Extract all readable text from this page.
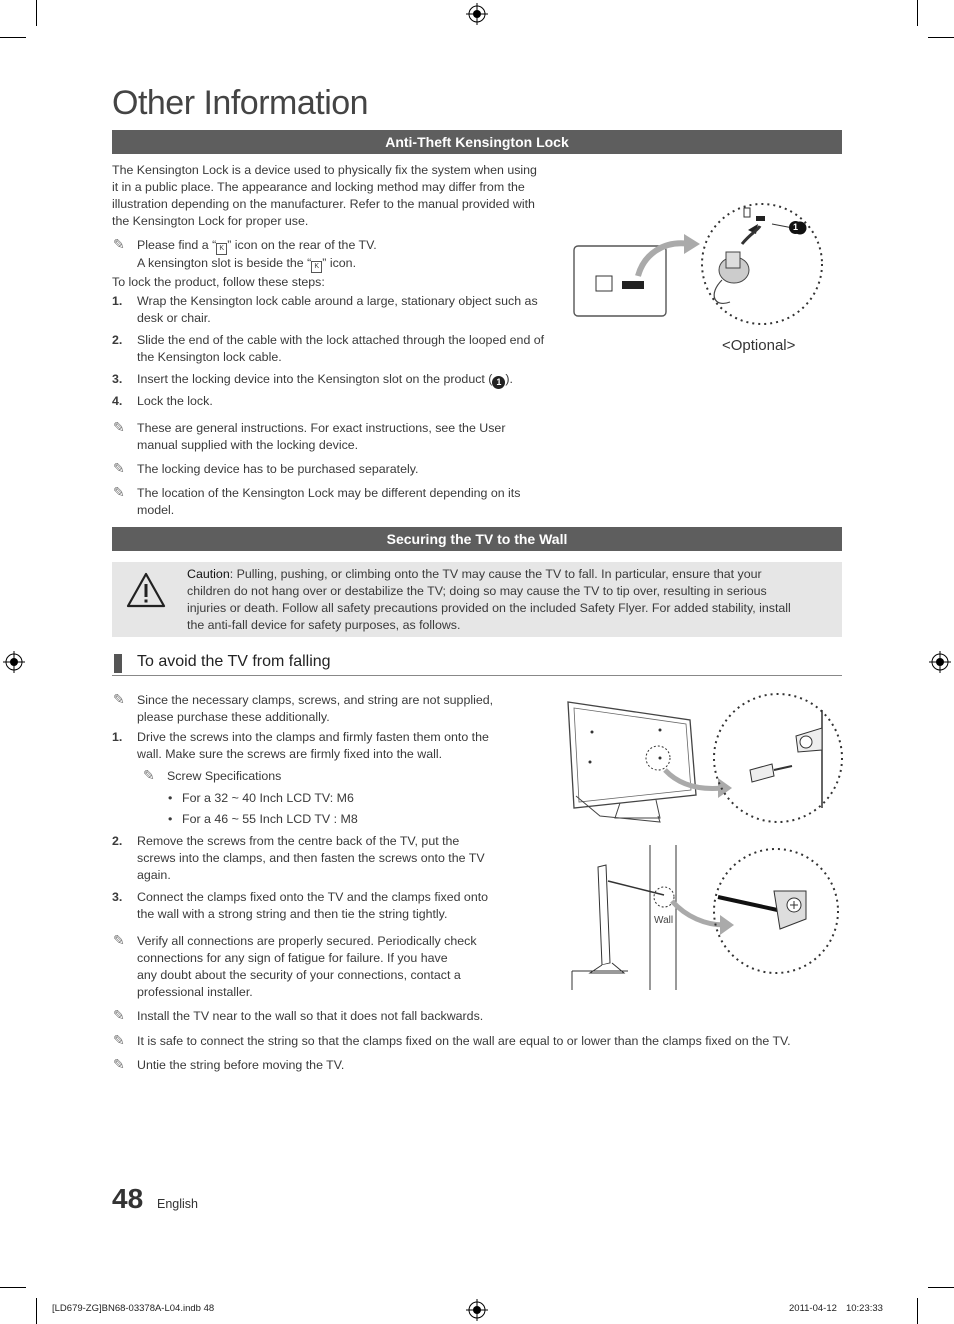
Other Information
Anti-Theft Kensington Lock
The Kensington Lock is a device used to physically fix the system when using
it in a public place. The appearance and locking method may differ from the
illustration depending on the manufacturer. Refer to the manual provided with
the Kensington Lock for proper use.
✎ Please find a “ K ” icon on the rear of the TV.
A kensington slot is beside the “ K ” icon.
To lock the product, follow these steps:
1. Wrap the Kensington lock cable around a large, stationary object such as
desk or chair.
2. Slide the end of the cable with the lock attached through the looped end of
the Kensington lock cable.
3. Insert the locking device into the Kensington slot on the product ( 1 ).
4. Lock the lock.
✎ These are general instructions. For exact instructions, see the User
manual supplied with the locking device.
✎ The locking device has to be purchased separately.
✎ The location of the Kensington Lock may be different depending on its
model.
1
<Optional>
Securing the TV to the Wall
Caution: Pulling, pushing, or climbing onto the TV may cause the TV to fall. In particular, ensure that your
children do not hang over or destabilize the TV; doing so may cause the TV to tip over, resulting in serious
injuries or death. Follow all safety precautions provided on the included Safety Flyer. For added stability, install
the anti-fall device for safety purposes, as follows.
To avoid the TV from falling
✎ Since the necessary clamps, screws, and string are not supplied,
please purchase these additionally.
1. Drive the screws into the clamps and firmly fasten them onto the
wall. Make sure the screws are firmly fixed into the wall.
✎ Screw Specifications
• For a 32 ~ 40 Inch LCD TV: M6
• For a 46 ~ 55 Inch LCD TV : M8
2. Remove the screws from the centre back of the TV, put the
screws into the clamps, and then fasten the screws onto the TV
again.
3. Connect the clamps fixed onto the TV and the clamps fixed onto
the wall with a strong string and then tie the string tightly.
✎ Verify all connections are properly secured. Periodically check
connections for any sign of fatigue for failure. If you have
any doubt about the security of your connections, contact a
professional installer.
✎ Install the TV near to the wall so that it does not fall backwards.
✎ It is safe to connect the string so that the clamps fixed on the wall are equal to or lower than the clamps fixed on the TV.
✎ Untie the string before moving the TV.
Wall
48 English
[LD679-ZG]BN68-03378A-L04.indb 48	2011-04-12    10:23:33
